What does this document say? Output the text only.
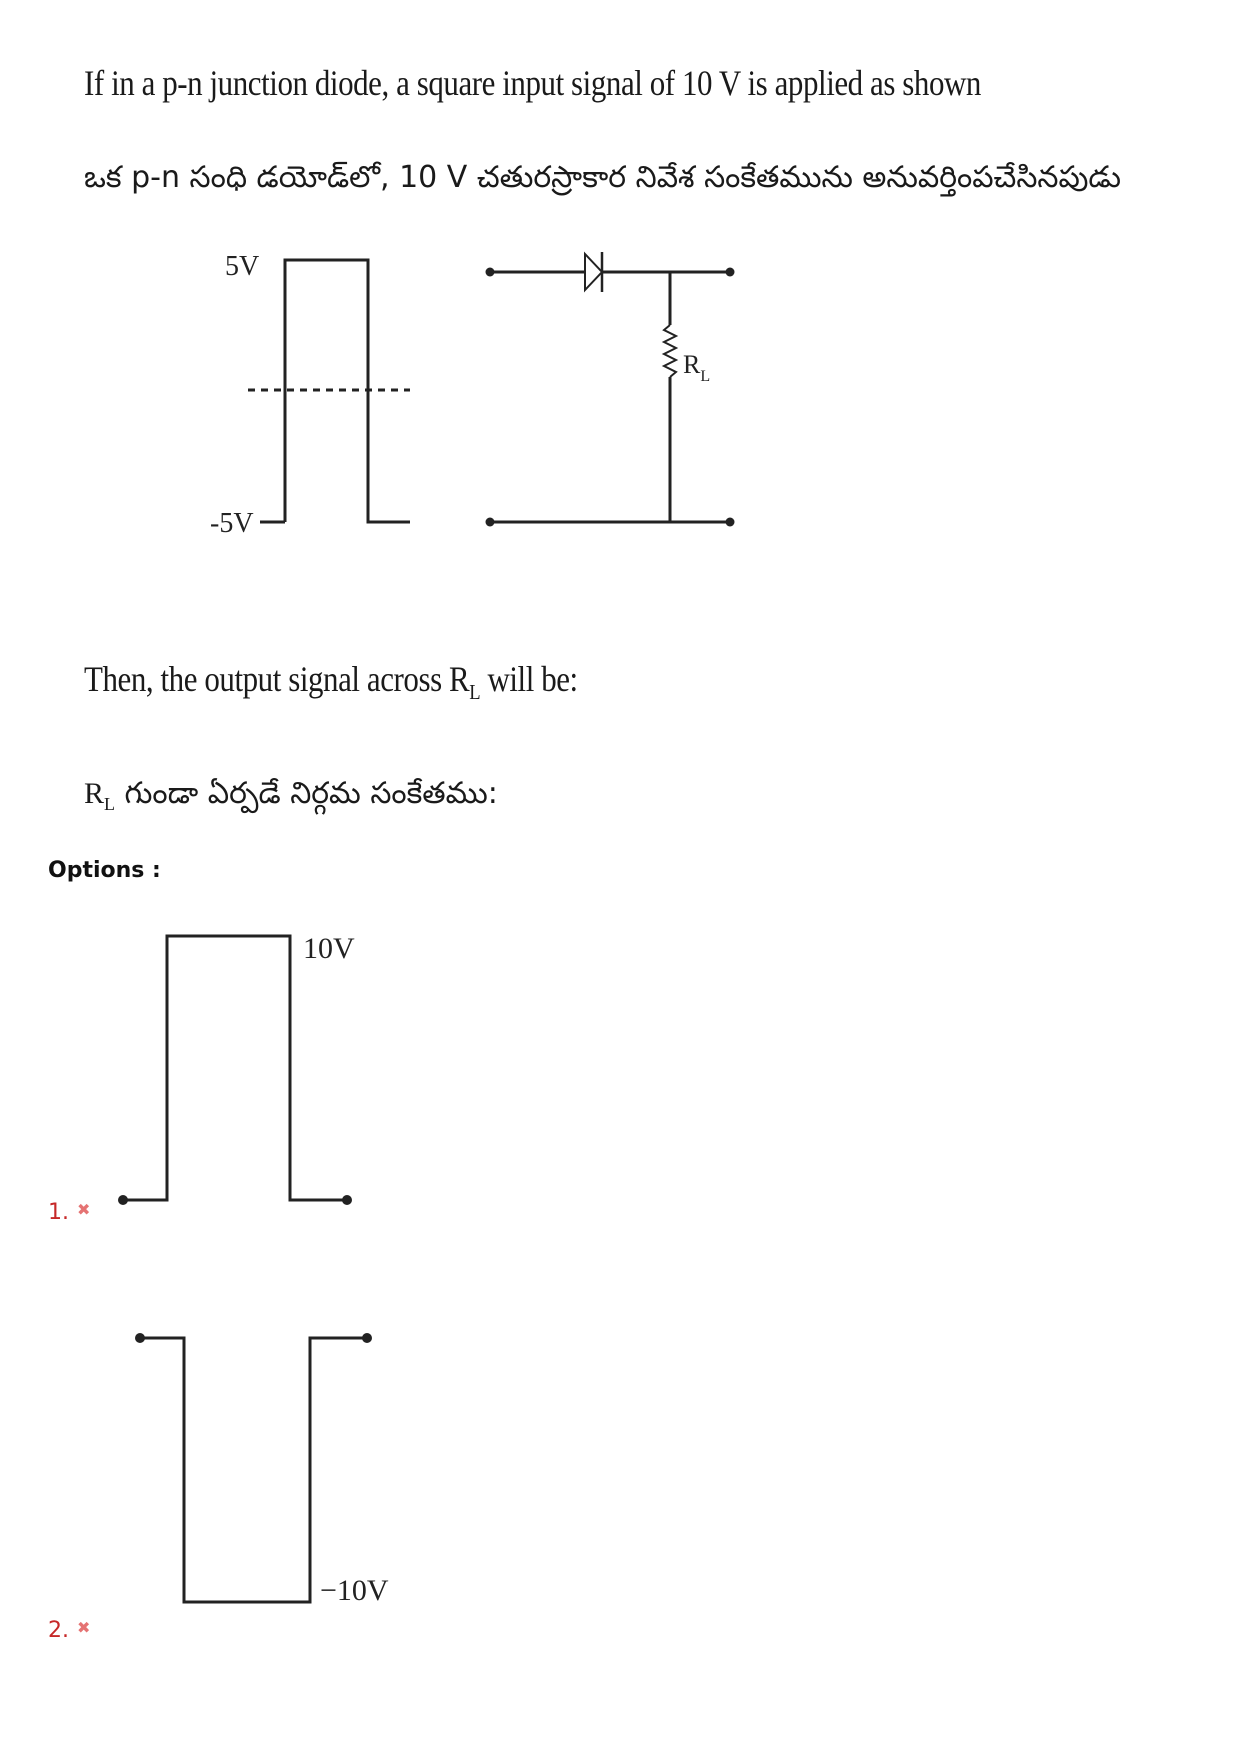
If in a p-n junction diode, a square input signal of 10 V is applied as shown
ఒక p-n సంధి డయోడ్‌లో, 10 V చతురస్రాకార నివేశ సంకేతమును అనువర్తింపచేసినపుడు
5V
-5V
$R_L$
Then, the output signal across $R_L$ will be:
$R_L$ గుండా ఏర్పడే నిర్గమ సంకేతము:
Options :
10V
1. ✖
−10V
2. ✖
